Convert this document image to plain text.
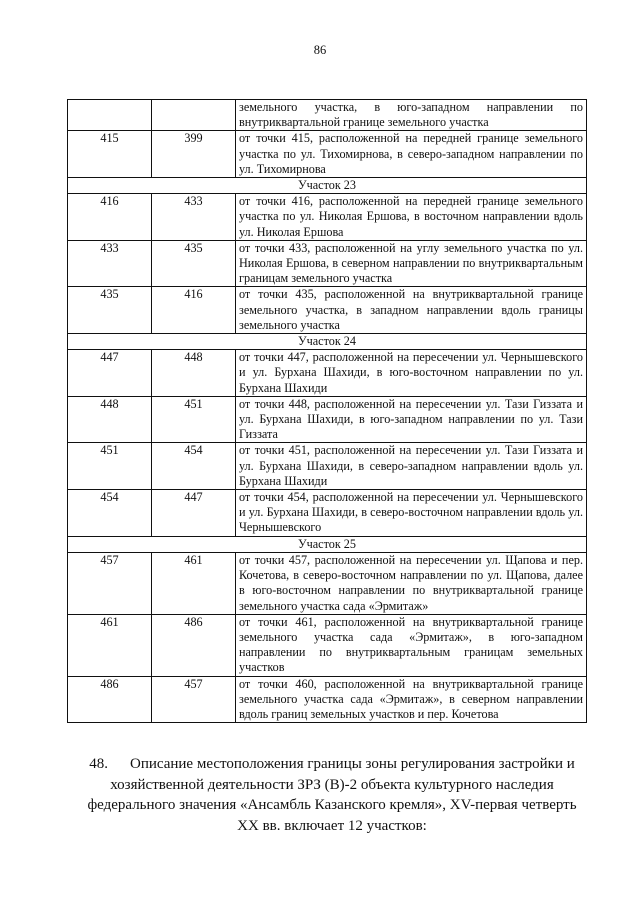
86
		земельного участка, в юго-западном направлении по внутриквартальной границе земельного участка
415	399	от точки 415, расположенной на передней границе земельного участка по ул. Тихомирнова, в северо-западном направлении по ул. Тихомирнова
Участок 23		
416	433	от точки 416, расположенной на передней границе земельного участка по ул. Николая Ершова, в восточном направлении вдоль ул. Николая Ершова
433	435	от точки 433, расположенной на углу земельного участка по ул. Николая Ершова, в северном направлении по внутриквартальным границам земельного участка
435	416	от точки 435, расположенной на внутриквартальной границе земельного участка, в западном направлении вдоль границы земельного участка
Участок 24		
447	448	от точки 447, расположенной на пересечении ул. Чернышевского и ул. Бурхана Шахиди, в юго-восточном направлении по ул. Бурхана Шахиди
448	451	от точки 448, расположенной на пересечении ул. Тази Гиззата и ул. Бурхана Шахиди, в юго-западном направлении по ул. Тази Гиззата
451	454	от точки 451, расположенной на пересечении ул. Тази Гиззата и ул. Бурхана Шахиди, в северо-западном направлении вдоль ул. Бурхана Шахиди
454	447	от точки 454, расположенной на пересечении ул. Чернышевского и ул. Бурхана Шахиди, в северо-восточном направлении вдоль ул. Чернышевского
Участок 25		
457	461	от точки 457, расположенной на пересечении ул. Щапова и пер. Кочетова, в северо-восточном направлении по ул. Щапова, далее в юго-восточном направлении по внутриквартальной границе земельного участка сада «Эрмитаж»
461	486	от точки 461, расположенной на внутриквартальной границе земельного участка сада «Эрмитаж», в юго-западном направлении по внутриквартальным границам земельных участков
486	457	от точки 460, расположенной на внутриквартальной границе земельного участка сада «Эрмитаж», в северном направлении вдоль границ земельных участков и пер. Кочетова
48. Описание местоположения границы зоны регулирования застройки и хозяйственной деятельности ЗРЗ (В)-2 объекта культурного наследия федерального значения «Ансамбль Казанского кремля», XV-первая четверть XX вв. включает 12 участков:
